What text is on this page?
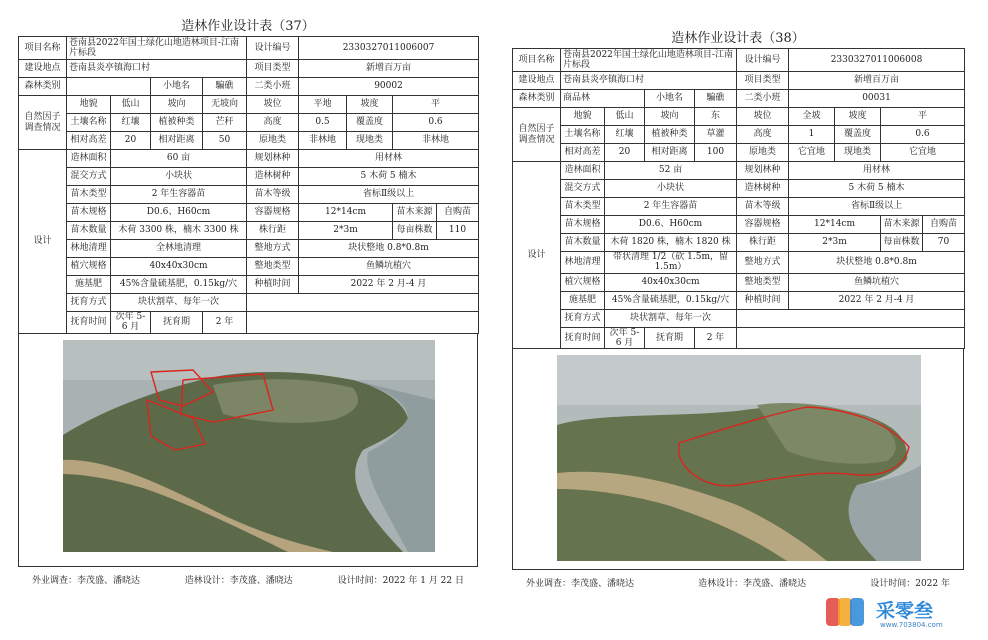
造林作业设计表（37）
项目名称	苍南县2022年国土绿化山地造林项目-江南片标段				设计编号	2330327011006007			
建设地点	苍南县炎亭镇海口村				项目类型	新增百万亩			
森林类别			小地名	騙礁	二类小班	90002			
自然因子调查情况	地貌	低山	坡向	无坡向	坡位	平地	坡度	平	
	土壤名称	红壤	植被种类	芒秆	高度	0.5	覆盖度	0.6	
	相对高差	20	相对距离	50	原地类	非林地	现地类	非林地	
设计	造林面积	60 亩			规划林种	用材林			
	混交方式	小块状			造林树种	5 木荷 5 楠木			
	苗木类型	2 年生容器苗			苗木等级	省标Ⅱ级以上			
	苗木规格	D0.6、H60cm			容器规格	12*14cm		苗木来源	自购苗
	苗木数量	木荷 3300 株，楠木 3300 株			株行距	2*3m		每亩株数	110
	林地清理	全林地清理			整地方式	块状整地 0.8*0.8m			
	植穴规格	40x40x30cm			整地类型	鱼鳞坑植穴			
	施基肥	45%含量硫基肥，0.15kg/穴			种植时间	2022 年 2 月-4 月			
	抚育方式	块状割草、每年一次							
	抚育时间	次年 5-6 月	抚育期	2 年					
外业调查：李茂盛、潘晓达	造林设计：李茂盛、潘晓达	设计时间：2022 年 1 月 22 日
造林作业设计表（38）
项目名称	苍南县2022年国土绿化山地造林项目-江南片标段				设计编号	2330327011006008			
建设地点	苍南县炎亭镇海口村				项目类型	新增百万亩			
森林类别	商品林		小地名	騙礁	二类小班	00031			
自然因子调查情况	地貌	低山	坡向	东	坡位	全坡	坡度	平	
	土壤名称	红壤	植被种类	草灌	高度	1	覆盖度	0.6	
	相对高差	20	相对距离	100	原地类	它宜地	现地类	它宜地	
设计	造林面积	52 亩			规划林种	用材林			
	混交方式	小块状			造林树种	5 木荷 5 楠木			
	苗木类型	2 年生容器苗			苗木等级	省标Ⅱ级以上			
	苗木规格	D0.6、H60cm			容器规格	12*14cm		苗木来源	自购苗
	苗木数量	木荷 1820 株，楠木 1820 株			株行距	2*3m		每亩株数	70
	林地清理	带状清理 1/2（砍 1.5m，留 1.5m）			整地方式	块状整地 0.8*0.8m			
	植穴规格	40x40x30cm			整地类型	鱼鳞坑植穴			
	施基肥	45%含量硫基肥，0.15kg/穴			种植时间	2022 年 2 月-4 月			
	抚育方式	块状割草、每年一次							
	抚育时间	次年 5-6 月	抚育期	2 年					
外业调查：李茂盛、潘晓达	造林设计：李茂盛、潘晓达	设计时间：2022 年
采零叁
www.703804.com
